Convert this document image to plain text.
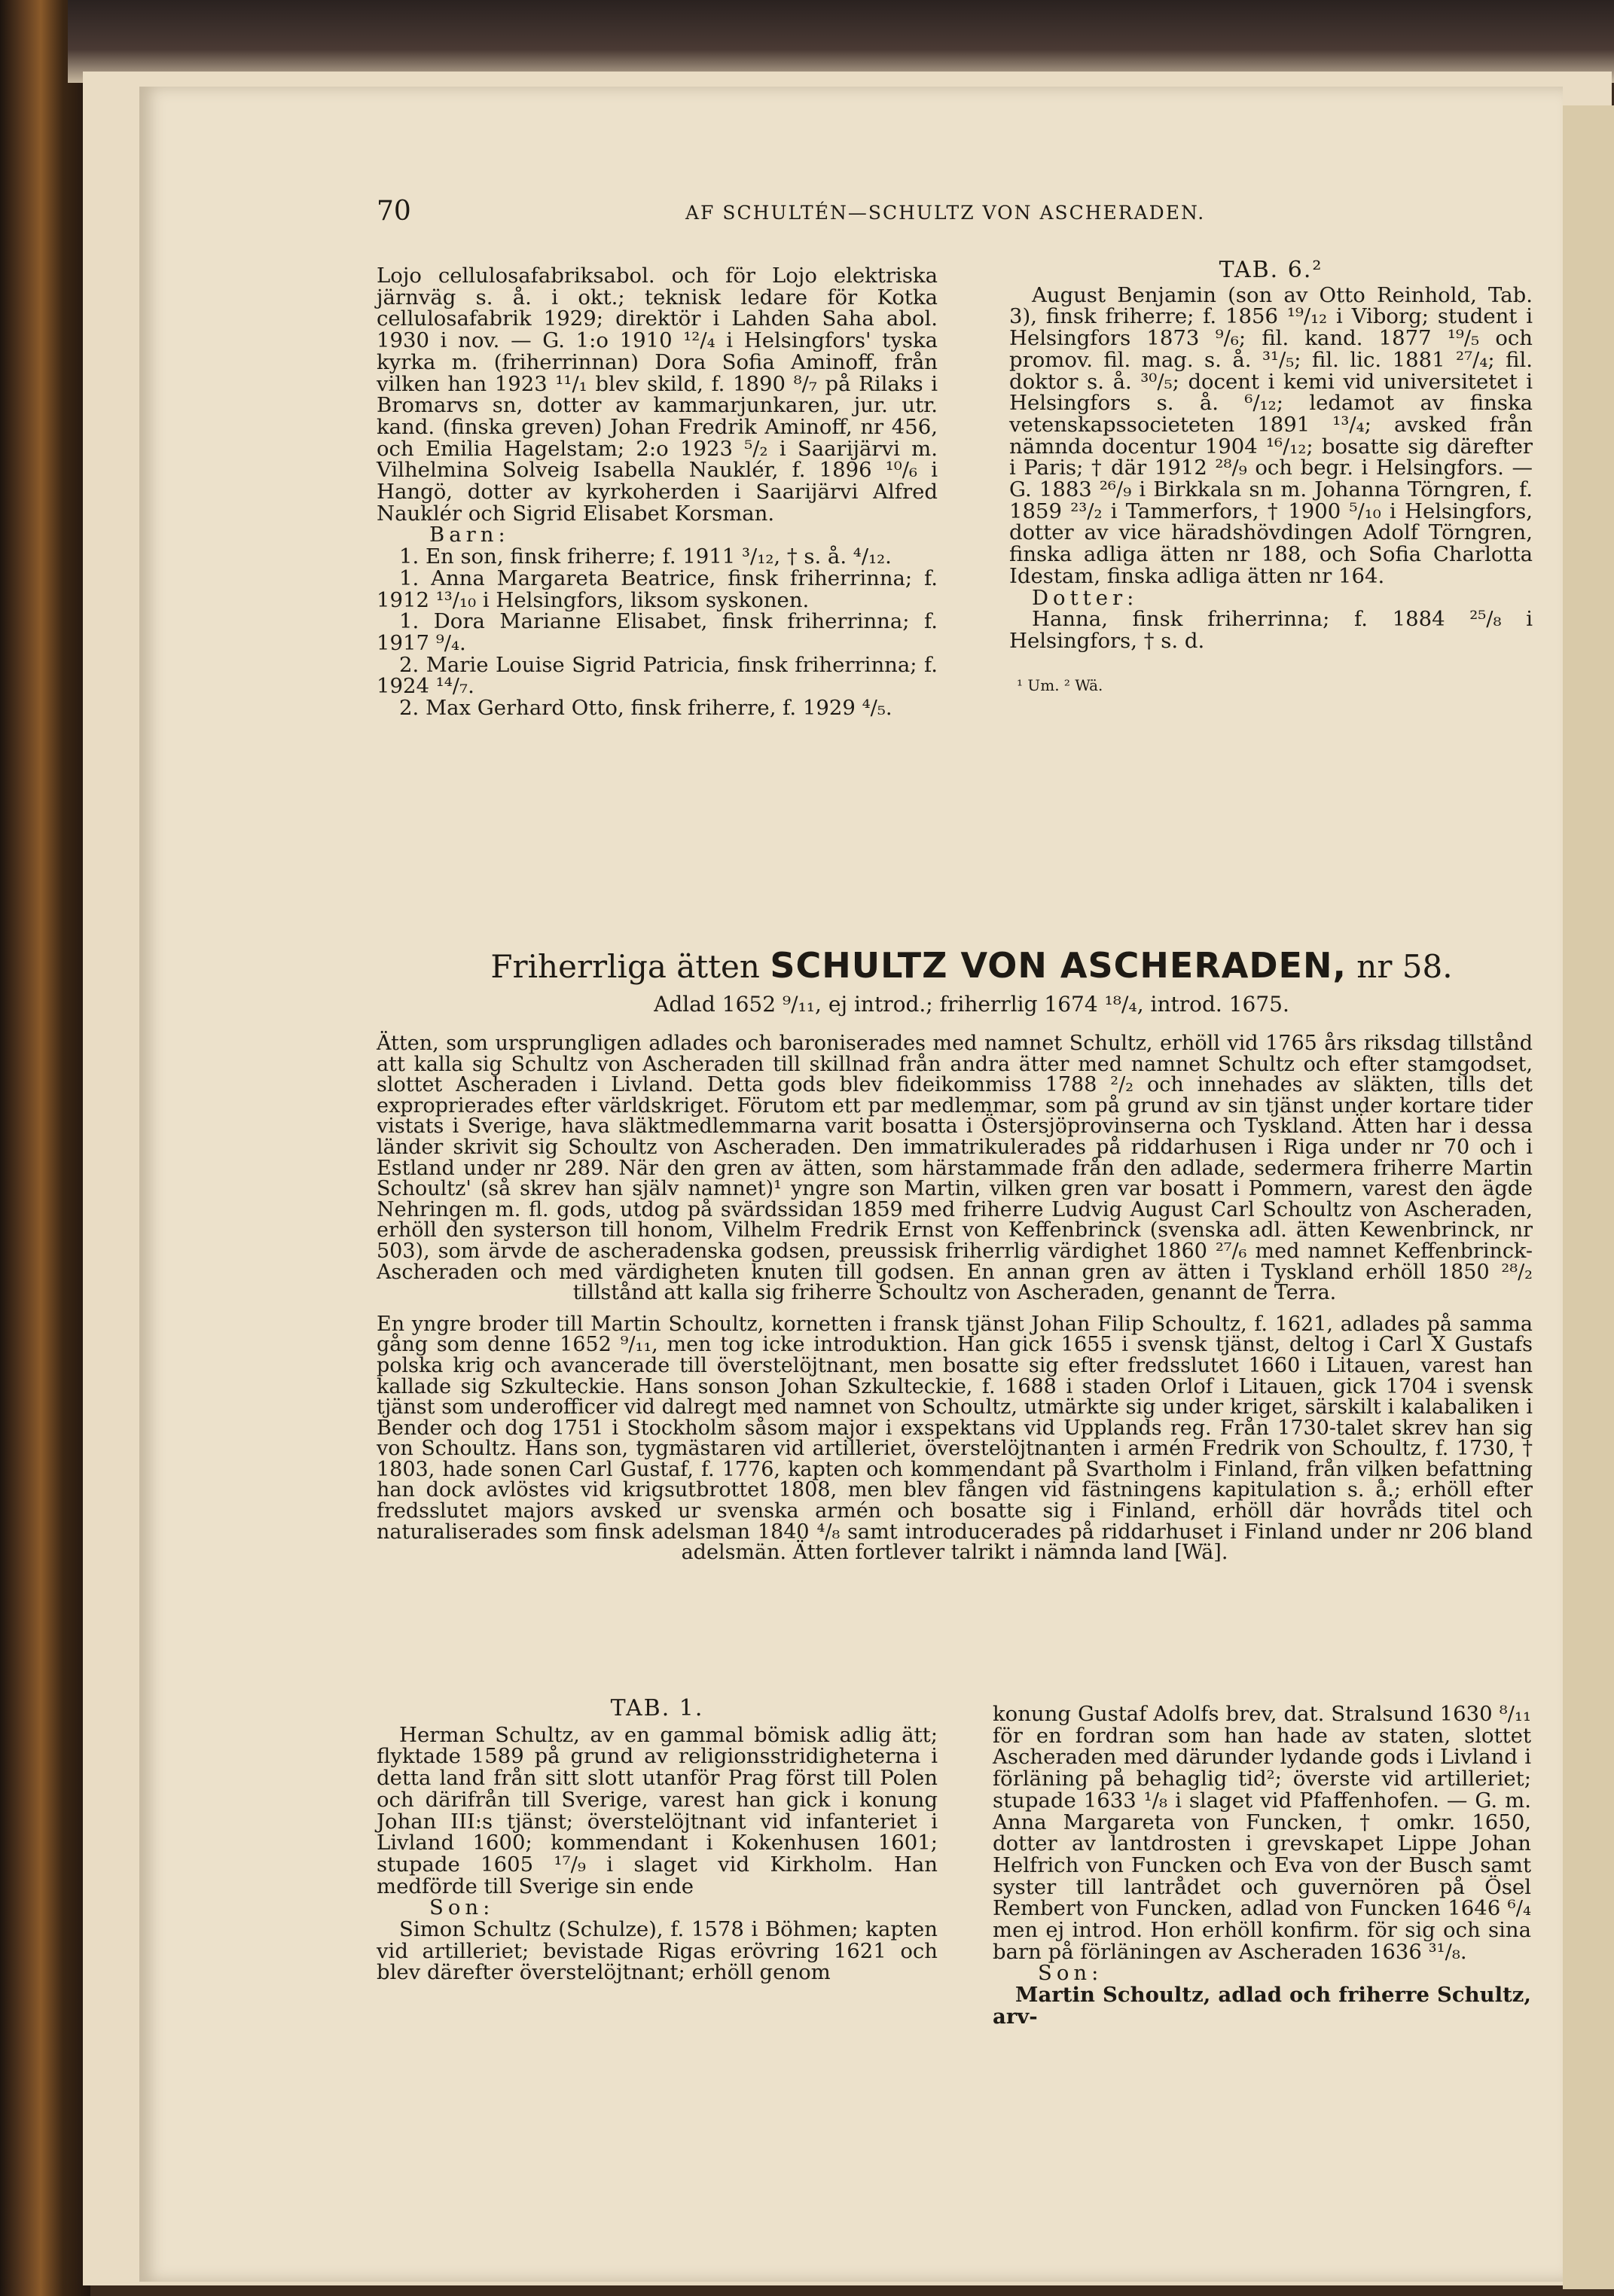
70	AF SCHULTÉN—SCHULTZ VON ASCHERADEN.

Lojo cellulosafabriksabol. och för Lojo elektriska järnväg s. å. i okt.; teknisk ledare för Kotka cellulosafabrik 1929; direktör i Lahden Saha abol. 1930 i nov. — G. 1:o 1910 ¹²/₄ i Helsingfors' tyska kyrka m. (friherrinnan) Dora Sofia Aminoff, från vilken han 1923 ¹¹/₁ blev skild, f. 1890 ⁸/₇ på Rilaks i Bromarvs sn, dotter av kammarjunkaren, jur. utr. kand. (finska greven) Johan Fredrik Aminoff, nr 456, och Emilia Hagelstam; 2:o 1923 ⁵/₂ i Saarijärvi m. Vilhelmina Solveig Isabella Nauklér, f. 1896 ¹⁰/₆ i Hangö, dotter av kyrkoherden i Saarijärvi Alfred Nauklér och Sigrid Elisabet Korsman.

Barn:

1. En son, finsk friherre; f. 1911 ³/₁₂, † s. å. ⁴/₁₂.

1. Anna Margareta Beatrice, finsk friherrinna; f. 1912 ¹³/₁₀ i Helsingfors, liksom syskonen.

1. Dora Marianne Elisabet, finsk friherrinna; f. 1917 ⁹/₄.

2. Marie Louise Sigrid Patricia, finsk friherrinna; f. 1924 ¹⁴/₇.

2. Max Gerhard Otto, finsk friherre, f. 1929 ⁴/₅.

TAB. 6.²

August Benjamin (son av Otto Reinhold, Tab. 3), finsk friherre; f. 1856 ¹⁹/₁₂ i Viborg; student i Helsingfors 1873 ⁹/₆; fil. kand. 1877 ¹⁹/₅ och promov. fil. mag. s. å. ³¹/₅; fil. lic. 1881 ²⁷/₄; fil. doktor s. å. ³⁰/₅; docent i kemi vid universitetet i Helsingfors s. å. ⁶/₁₂; ledamot av finska vetenskapssocieteten 1891 ¹³/₄; avsked från nämnda docentur 1904 ¹⁶/₁₂; bosatte sig därefter i Paris; † där 1912 ²⁸/₉ och begr. i Helsingfors. — G. 1883 ²⁶/₉ i Birkkala sn m. Johanna Törngren, f. 1859 ²³/₂ i Tammerfors, † 1900 ⁵/₁₀ i Helsingfors, dotter av vice häradshövdingen Adolf Törngren, finska adliga ätten nr 188, och Sofia Charlotta Idestam, finska adliga ätten nr 164.

Dotter:

Hanna, finsk friherrinna; f. 1884 ²⁵/₈ i Helsingfors, † s. d.

¹ Um. ² Wä.

Friherrliga ätten SCHULTZ VON ASCHERADEN, nr 58.
Adlad 1652 ⁹/₁₁, ej introd.; friherrlig 1674 ¹⁸/₄, introd. 1675.

Ätten, som ursprungligen adlades och baroniserades med namnet Schultz, erhöll vid 1765 års riksdag tillstånd att kalla sig Schultz von Ascheraden till skillnad från andra ätter med namnet Schultz och efter stamgodset, slottet Ascheraden i Livland. Detta gods blev fideikommiss 1788 ²/₂ och innehades av släkten, tills det exproprierades efter världskriget. Förutom ett par medlemmar, som på grund av sin tjänst under kortare tider vistats i Sverige, hava släktmedlemmarna varit bosatta i Östersjöprovinserna och Tyskland. Ätten har i dessa länder skrivit sig Schoultz von Ascheraden. Den immatrikulerades på riddarhusen i Riga under nr 70 och i Estland under nr 289. När den gren av ätten, som härstammade från den adlade, sedermera friherre Martin Schoultz' (så skrev han själv namnet)¹ yngre son Martin, vilken gren var bosatt i Pommern, varest den ägde Nehringen m. fl. gods, utdog på svärdssidan 1859 med friherre Ludvig August Carl Schoultz von Ascheraden, erhöll den systerson till honom, Vilhelm Fredrik Ernst von Keffenbrinck (svenska adl. ätten Kewenbrinck, nr 503), som ärvde de ascheradenska godsen, preussisk friherrlig värdighet 1860 ²⁷/₆ med namnet Keffenbrinck-Ascheraden och med värdigheten knuten till godsen. En annan gren av ätten i Tyskland erhöll 1850 ²⁸/₂ tillstånd att kalla sig friherre Schoultz von Ascheraden, genannt de Terra.

En yngre broder till Martin Schoultz, kornetten i fransk tjänst Johan Filip Schoultz, f. 1621, adlades på samma gång som denne 1652 ⁹/₁₁, men tog icke introduktion. Han gick 1655 i svensk tjänst, deltog i Carl X Gustafs polska krig och avancerade till överstelöjtnant, men bosatte sig efter fredsslutet 1660 i Litauen, varest han kallade sig Szkulteckie. Hans sonson Johan Szkulteckie, f. 1688 i staden Orlof i Litauen, gick 1704 i svensk tjänst som underofficer vid dalregt med namnet von Schoultz, utmärkte sig under kriget, särskilt i kalabaliken i Bender och dog 1751 i Stockholm såsom major i exspektans vid Upplands reg. Från 1730-talet skrev han sig von Schoultz. Hans son, tygmästaren vid artilleriet, överstelöjtnanten i armén Fredrik von Schoultz, f. 1730, † 1803, hade sonen Carl Gustaf, f. 1776, kapten och kommendant på Svartholm i Finland, från vilken befattning han dock avlöstes vid krigsutbrottet 1808, men blev fången vid fästningens kapitulation s. å.; erhöll efter fredsslutet majors avsked ur svenska armén och bosatte sig i Finland, erhöll där hovråds titel och naturaliserades som finsk adelsman 1840 ⁴/₈ samt introducerades på riddarhuset i Finland under nr 206 bland adelsmän. Ätten fortlever talrikt i nämnda land [Wä].

TAB. 1.

Herman Schultz, av en gammal bömisk adlig ätt; flyktade 1589 på grund av religionsstridigheterna i detta land från sitt slott utanför Prag först till Polen och därifrån till Sverige, varest han gick i konung Johan III:s tjänst; överstelöjtnant vid infanteriet i Livland 1600; kommendant i Kokenhusen 1601; stupade 1605 ¹⁷/₉ i slaget vid Kirkholm. Han medförde till Sverige sin ende

Son:

Simon Schultz (Schulze), f. 1578 i Böhmen; kapten vid artilleriet; bevistade Rigas erövring 1621 och blev därefter överstelöjtnant; erhöll genom

konung Gustaf Adolfs brev, dat. Stralsund 1630 ⁸/₁₁ för en fordran som han hade av staten, slottet Ascheraden med därunder lydande gods i Livland i förläning på behaglig tid²; överste vid artilleriet; stupade 1633 ¹/₈ i slaget vid Pfaffenhofen. — G. m. Anna Margareta von Funcken, † omkr. 1650, dotter av lantdrosten i grevskapet Lippe Johan Helfrich von Funcken och Eva von der Busch samt syster till lantrådet och guvernören på Ösel Rembert von Funcken, adlad von Funcken 1646 ⁶/₄ men ej introd. Hon erhöll konfirm. för sig och sina barn på förläningen av Ascheraden 1636 ³¹/₈.

Son:

Martin Schoultz, adlad och friherre Schultz, arv-
